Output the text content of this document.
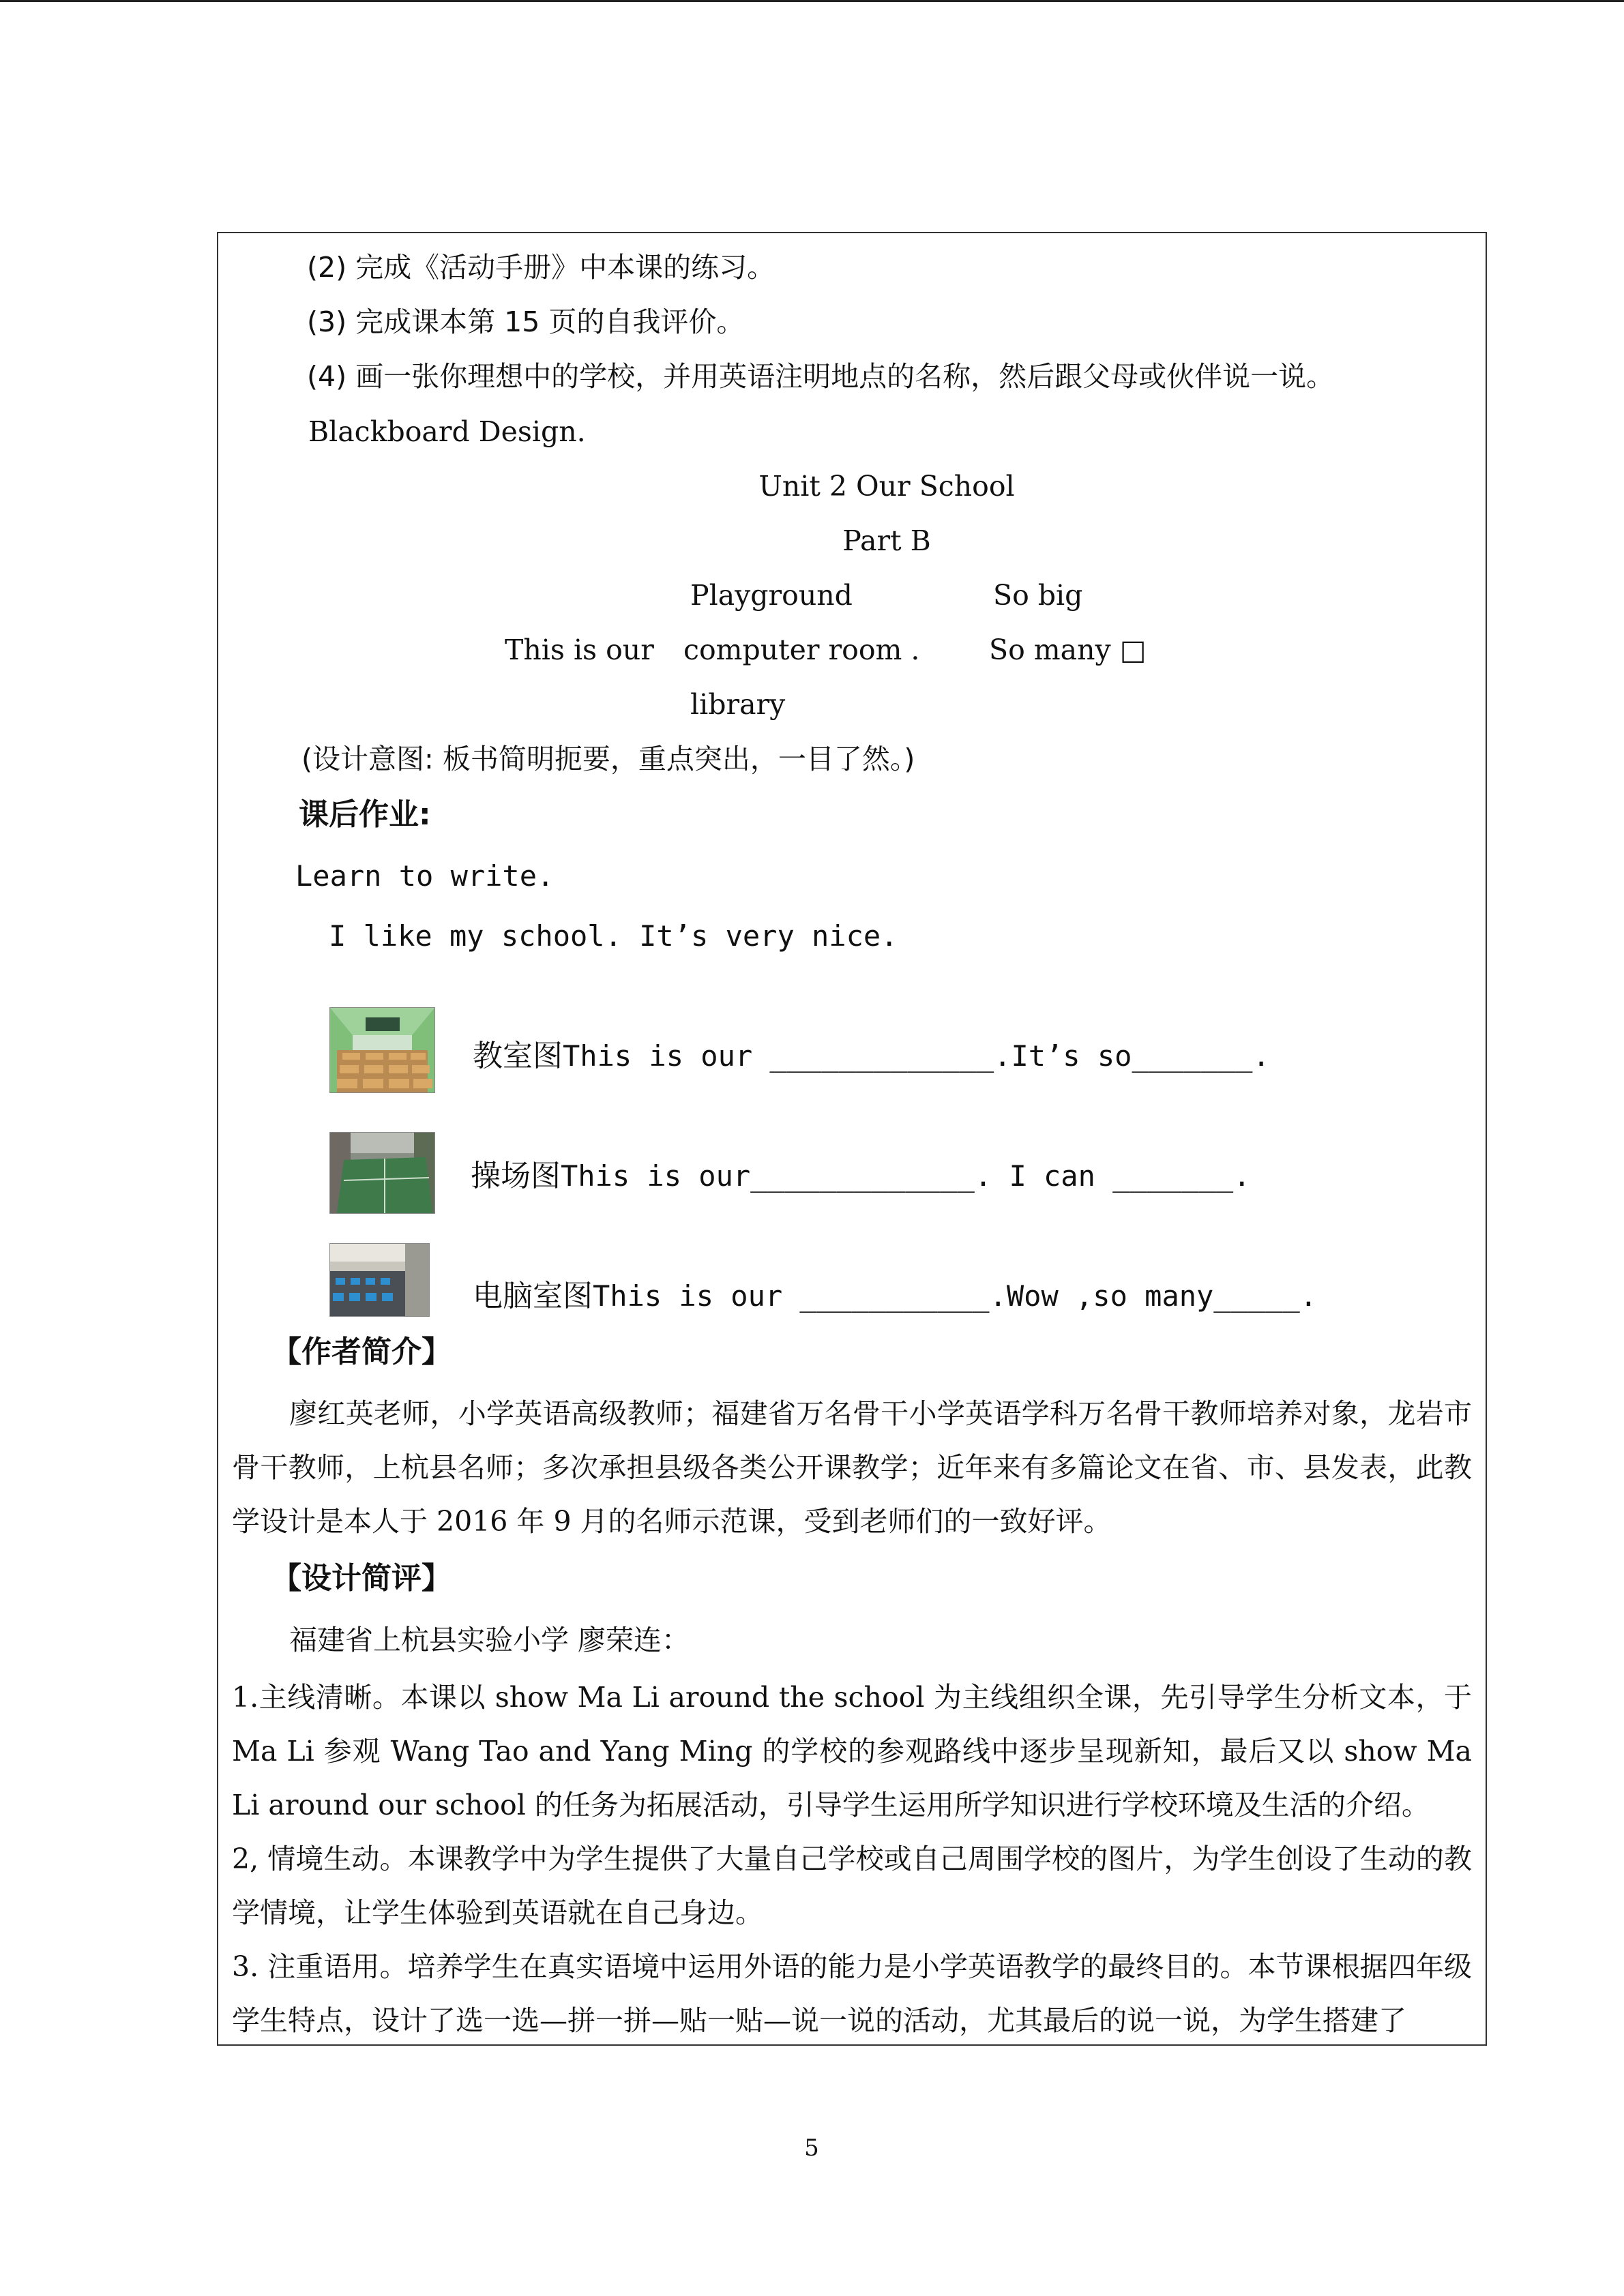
(2) 完成《活动手册》中本课的练习。
(3) 完成课本第 15 页的自我评价。
(4) 画一张你理想中的学校，并用英语注明地点的名称，然后跟父母或伙伴说一说。
Blackboard Design.
Unit 2 Our School
Part B
Playground	So big
This is our computer room . So many □
library
(设计意图: 板书简明扼要，重点突出，一目了然。)
课后作业:
Learn to write.
I like my school. It’s very nice.
教室图This is our _____________.It’s so_______.
操场图This is our_____________. I can _______.
电脑室图This is our ___________.Wow ,so many_____.
【作者简介】

廖红英老师，小学英语高级教师；福建省万名骨干小学英语学科万名骨干教师培养对象，龙岩市骨干教师，上杭县名师；多次承担县级各类公开课教学；近年来有多篇论文在省、市、县发表，此教学设计是本人于 2016 年 9 月的名师示范课，受到老师们的一致好评。

【设计简评】
福建省上杭县实验小学 廖荣连：

1.主线清晰。本课以 show Ma Li around the school 为主线组织全课，先引导学生分析文本，于 Ma Li 参观 Wang Tao and Yang Ming 的学校的参观路线中逐步呈现新知，最后又以 show Ma Li around our school 的任务为拓展活动，引导学生运用所学知识进行学校环境及生活的介绍。

2, 情境生动。本课教学中为学生提供了大量自己学校或自己周围学校的图片，为学生创设了生动的教学情境，让学生体验到英语就在自己身边。

3. 注重语用。培养学生在真实语境中运用外语的能力是小学英语教学的最终目的。本节课根据四年级学生特点，设计了选一选—拼一拼—贴一贴—说一说的活动，尤其最后的说一说，为学生搭建了

5
